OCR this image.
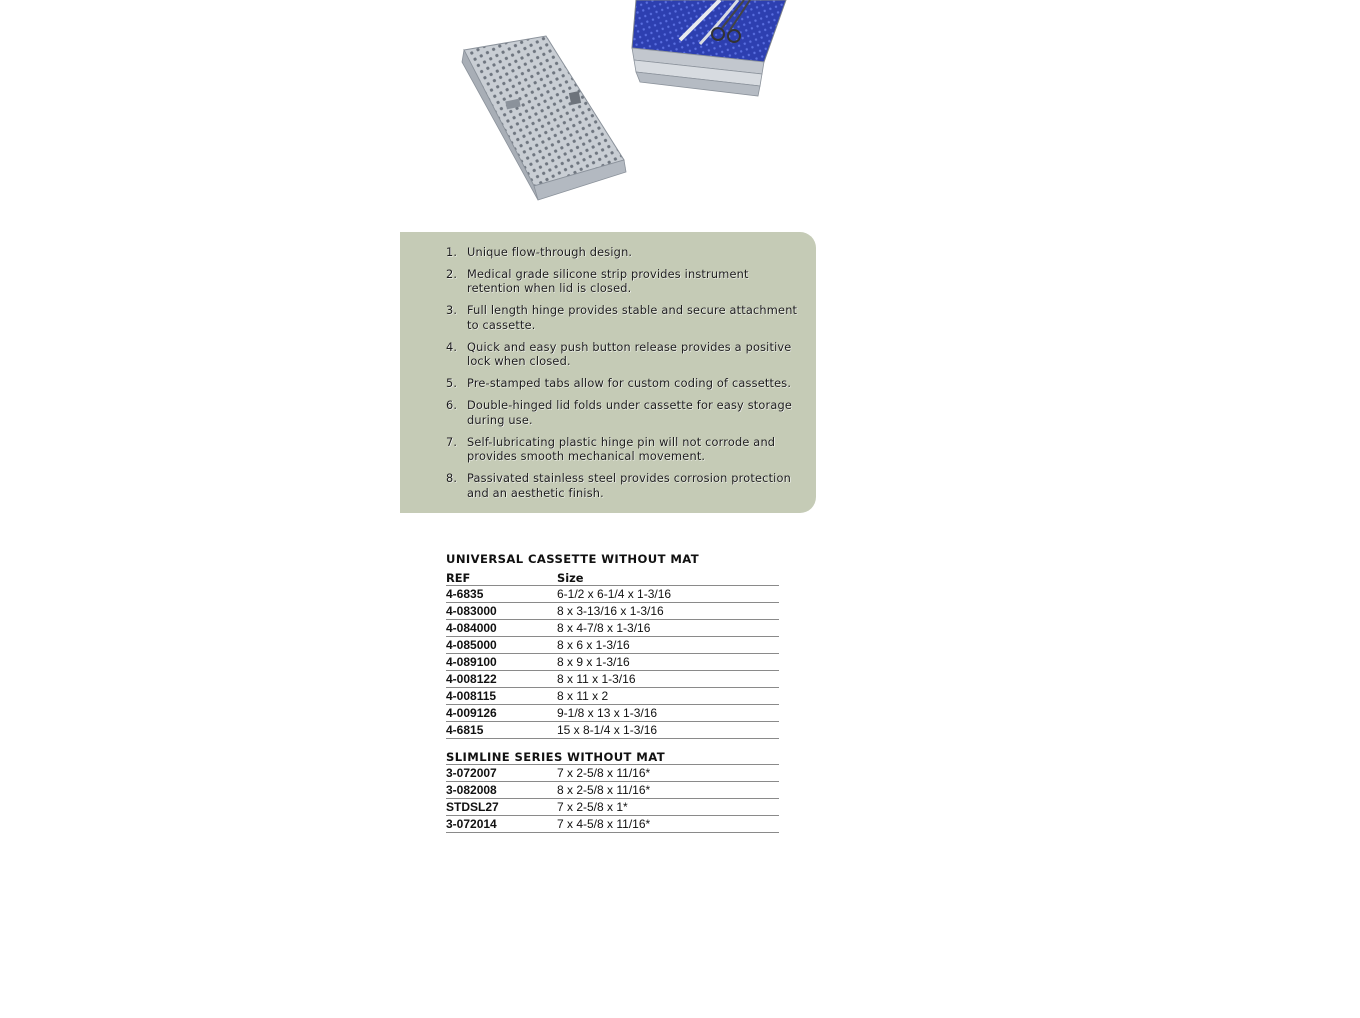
1. Unique flow-through design.
2. Medical grade silicone strip provides instrument retention when lid is closed.
3. Full length hinge provides stable and secure attachment to cassette.
4. Quick and easy push button release provides a positive lock when closed.
5. Pre-stamped tabs allow for custom coding of cassettes.
6. Double-hinged lid folds under cassette for easy storage during use.
7. Self-lubricating plastic hinge pin will not corrode and provides smooth mechanical movement.
8. Passivated stainless steel provides corrosion protection and an aesthetic finish.
UNIVERSAL CASSETTE WITHOUT MAT
REF	Size
4-6835	6-1/2 x 6-1/4 x 1-3/16
4-083000	8 x 3-13/16 x 1-3/16
4-084000	8 x 4-7/8 x 1-3/16
4-085000	8 x 6 x 1-3/16
4-089100	8 x 9 x 1-3/16
4-008122	8 x 11 x 1-3/16
4-008115	8 x 11 x 2
4-009126	9-1/8 x 13 x 1-3/16
4-6815	15 x 8-1/4 x 1-3/16
SLIMLINE SERIES WITHOUT MAT
3-072007	7 x 2-5/8 x 11/16*
3-082008	8 x 2-5/8 x 11/16*
STDSL27	7 x 2-5/8 x 1*
3-072014	7 x 4-5/8 x 11/16*
